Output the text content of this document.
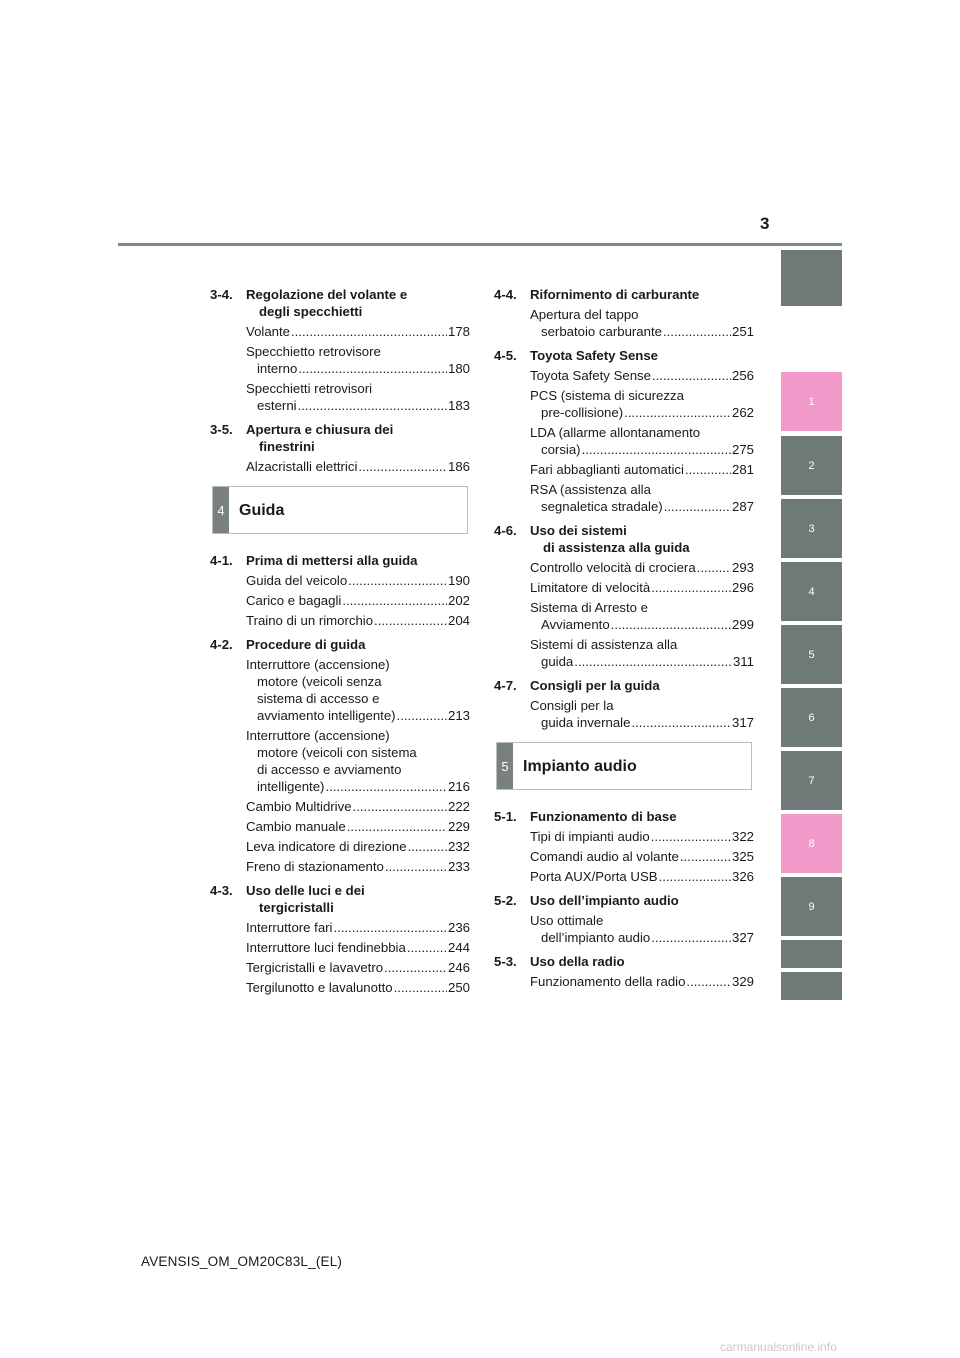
3
3-4.	Regolazione del volante e
degli specchietti
Volante .....	178
Specchietto retrovisore
interno .....	180
Specchietti retrovisori
esterni .....	183
3-5.	Apertura e chiusura dei
finestrini
Alzacristalli elettrici .....	186
4 Guida
4-1.	Prima di mettersi alla guida
Guida del veicolo .....	190
Carico e bagagli .....	202
Traino di un rimorchio .....	204
4-2.	Procedure di guida
Interruttore (accensione)
motore (veicoli senza
sistema di accesso e
avviamento intelligente) .....	213
Interruttore (accensione)
motore (veicoli con sistema
di accesso e avviamento
intelligente) .....	216
Cambio Multidrive .....	222
Cambio manuale .....	229
Leva indicatore di direzione .....	232
Freno di stazionamento .....	233
4-3.	Uso delle luci e dei
tergicristalli
Interruttore fari .....	236
Interruttore luci fendinebbia .....	244
Tergicristalli e lavavetro .....	246
Tergilunotto e lavalunotto .....	250
4-4.	Rifornimento di carburante
Apertura del tappo
serbatoio carburante .....	251
4-5.	Toyota Safety Sense
Toyota Safety Sense .....	256
PCS (sistema di sicurezza
pre-collisione) .....	262
LDA (allarme allontanamento
corsia) .....	275
Fari abbaglianti automatici .....	281
RSA (assistenza alla
segnaletica stradale) .....	287
4-6.	Uso dei sistemi
di assistenza alla guida
Controllo velocità di crociera .....	293
Limitatore di velocità .....	296
Sistema di Arresto e
Avviamento .....	299
Sistemi di assistenza alla
guida .....	311
4-7.	Consigli per la guida
Consigli per la
guida invernale .....	317
5 Impianto audio
5-1.	Funzionamento di base
Tipi di impianti audio .....	322
Comandi audio al volante .....	325
Porta AUX/Porta USB .....	326
5-2.	Uso dell’impianto audio
Uso ottimale
dell’impianto audio .....	327
5-3.	Uso della radio
Funzionamento della radio .....	329
1
2
3
4
5
6
7
8
9
AVENSIS_OM_OM20C83L_(EL)
carmanualsonline.info
